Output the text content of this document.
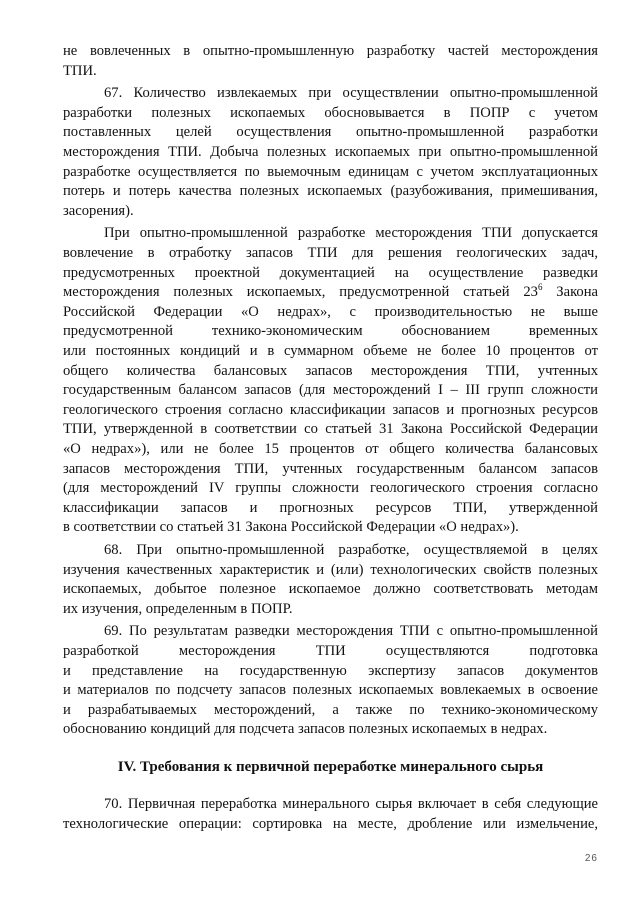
не вовлеченных в опытно-промышленную разработку частей месторождения
ТПИ.
67. Количество извлекаемых при осуществлении опытно-промышленной
разработки полезных ископаемых обосновывается в ПОПР с учетом
поставленных целей осуществления опытно-промышленной разработки
месторождения ТПИ. Добыча полезных ископаемых при опытно-промышленной
разработке осуществляется по выемочным единицам с учетом эксплуатационных
потерь и потерь качества полезных ископаемых (разубоживания, примешивания,
засорения).
При опытно-промышленной разработке месторождения ТПИ допускается
вовлечение в отработку запасов ТПИ для решения геологических задач,
предусмотренных проектной документацией на осуществление разведки
месторождения полезных ископаемых, предусмотренной статьей $23^6$ Закона
Российской Федерации «О недрах», с производительностью не выше
предусмотренной технико-экономическим обоснованием временных
или постоянных кондиций и в суммарном объеме не более 10 процентов от
общего количества балансовых запасов месторождения ТПИ, учтенных
государственным балансом запасов (для месторождений I – III групп сложности
геологического строения согласно классификации запасов и прогнозных ресурсов
ТПИ, утвержденной в соответствии со статьей 31 Закона Российской Федерации
«О недрах»), или не более 15 процентов от общего количества балансовых
запасов месторождения ТПИ, учтенных государственным балансом запасов
(для месторождений IV группы сложности геологического строения согласно
классификации запасов и прогнозных ресурсов ТПИ, утвержденной
в соответствии со статьей 31 Закона Российской Федерации «О недрах»).
68. При опытно-промышленной разработке, осуществляемой в целях
изучения качественных характеристик и (или) технологических свойств полезных
ископаемых, добытое полезное ископаемое должно соответствовать методам
их изучения, определенным в ПОПР.
69. По результатам разведки месторождения ТПИ с опытно-промышленной
разработкой месторождения ТПИ осуществляются подготовка
и представление на государственную экспертизу запасов документов
и материалов по подсчету запасов полезных ископаемых вовлекаемых в освоение
и разрабатываемых месторождений, а также по технико-экономическому
обоснованию кондиций для подсчета запасов полезных ископаемых в недрах.
IV. Требования к первичной переработке минерального сырья
70. Первичная переработка минерального сырья включает в себя следующие
технологические операции: сортировка на месте, дробление или измельчение,
26
